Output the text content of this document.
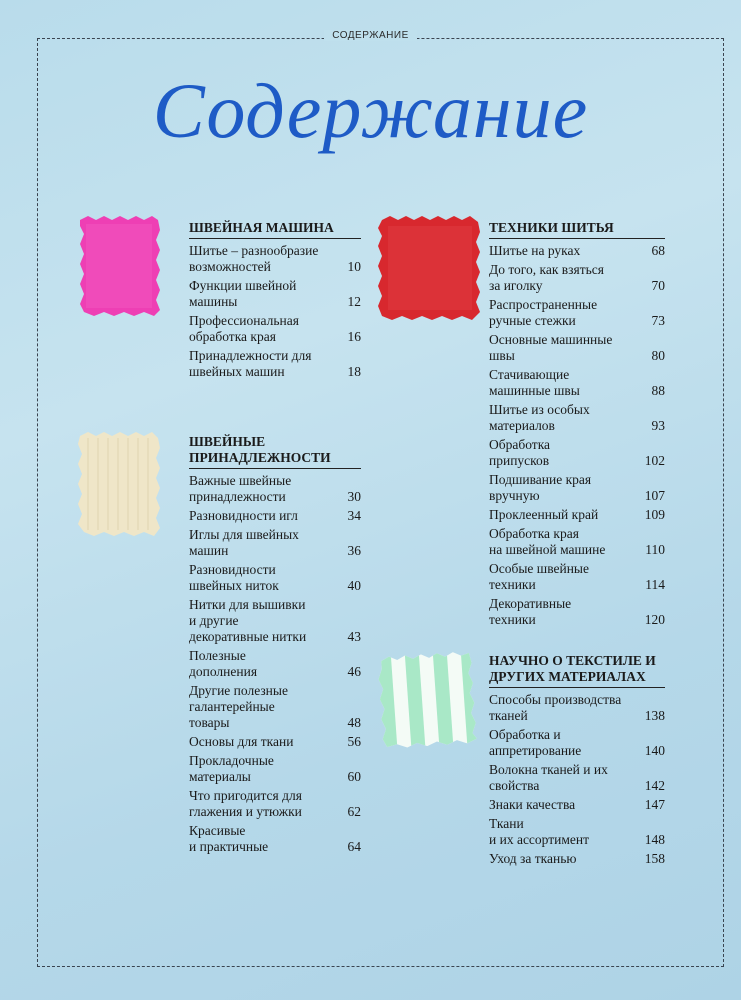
СОДЕРЖАНИЕ
Содержание
ШВЕЙНАЯ МАШИНА
Шитье – разнообразие
возможностей	10
Функции швейной
машины	12
Профессиональная
обработка края	16
Принадлежности для
швейных машин	18
ШВЕЙНЫЕ
ПРИНАДЛЕЖНОСТИ
Важные швейные
принадлежности	30
Разновидности игл	34
Иглы для швейных
машин	36
Разновидности
швейных ниток	40
Нитки для вышивки
и другие
декоративные нитки	43
Полезные
дополнения	46
Другие полезные
галантерейные
товары	48
Основы для ткани	56
Прокладочные
материалы	60
Что пригодится для
глажения и утюжки	62
Красивые
и практичные	64
ТЕХНИКИ ШИТЬЯ
Шитье на руках	68
До того, как взяться
за иголку	70
Распространенные
ручные стежки	73
Основные машинные
швы	80
Стачивающие
машинные швы	88
Шитье из особых
материалов	93
Обработка
припусков	102
Подшивание края
вручную	107
Проклеенный край	109
Обработка края
на швейной машине	110
Особые швейные
техники	114
Декоративные
техники	120
НАУЧНО О ТЕКСТИЛЕ И
ДРУГИХ МАТЕРИАЛАХ
Способы производства
тканей	138
Обработка и
аппретирование	140
Волокна тканей и их
свойства	142
Знаки качества	147
Ткани
и их ассортимент	148
Уход за тканью	158
